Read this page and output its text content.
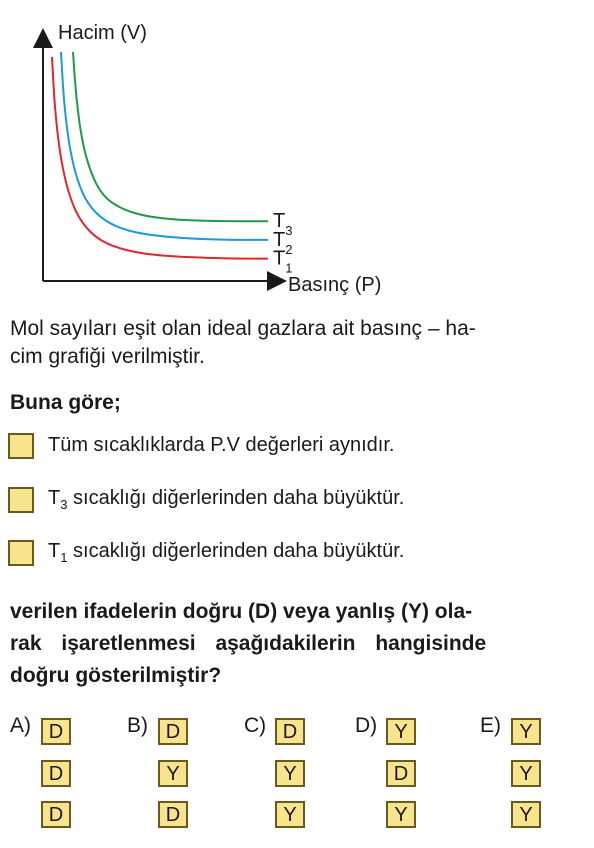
Hacim (V)
Basınç (P)
$T_3$
$T_2$
$T_1$
Mol sayıları eşit olan ideal gazlara ait basınç – ha-
cim grafiği verilmiştir.
Buna göre;
Tüm sıcaklıklarda P.V değerleri aynıdır.
$T_3$ sıcaklığı diğerlerinden daha büyüktür.
$T_1$ sıcaklığı diğerlerinden daha büyüktür.
verilen ifadelerin doğru (D) veya yanlış (Y) ola-
rak işaretlenmesi aşağıdakilerin hangisinde
doğru gösterilmiştir?
A) D
D
D
B) D
Y
D
C) D
Y
Y
D) Y
D
Y
E) Y
Y
Y
